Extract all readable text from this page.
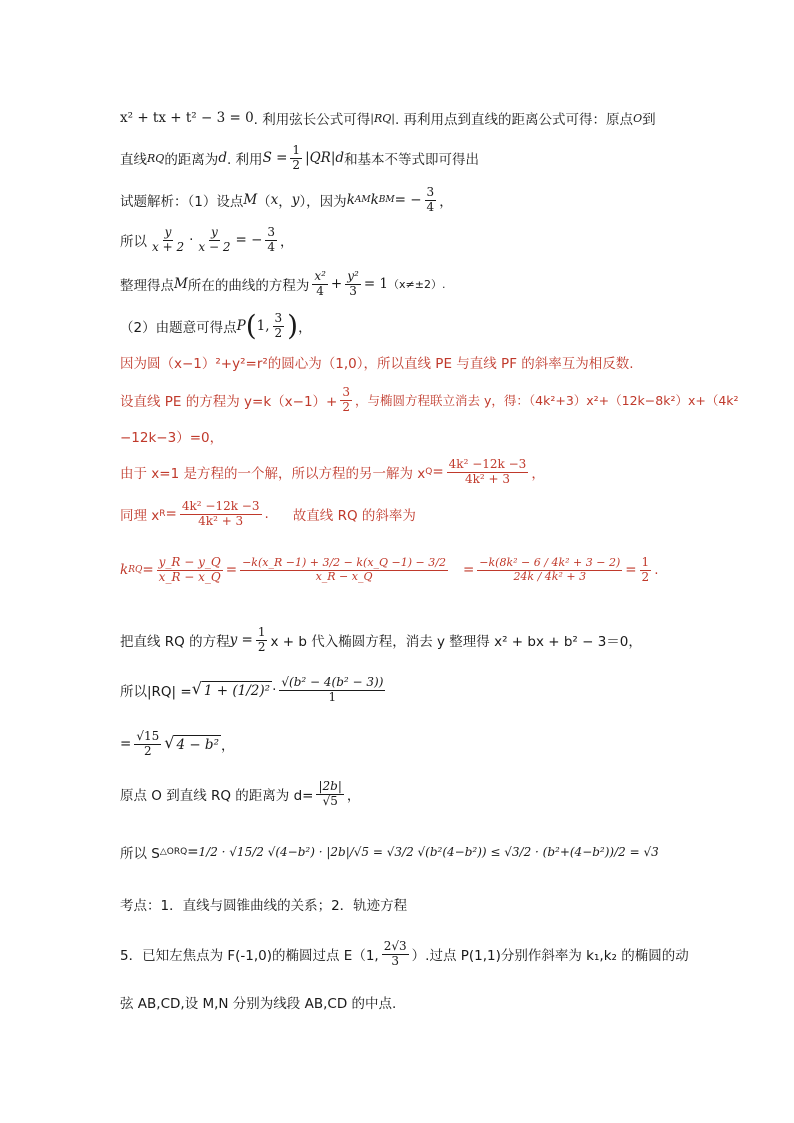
x² + tx + t² − 3 = 0 . 利用弦长公式可得 |RQ| . 再利用点到直线的距离公式可得：原点 O 到
直线 RQ 的距离为 d . 利用 $S = \frac{1}{2} |QR|$ d 和基本不等式即可得出
试题解析：（1）设点 M （ x ， y ），因为 k AM k BM = − $\frac{3}{4}$ ，
所以 $\frac{y}{x + 2} \cdot \frac{y}{x - 2}$ = − $\frac{3}{4}$ ，
整理得点 M 所在的曲线的方程为 $\frac{\text{x²}}{4} + \frac{\text{y²}}{3} = 1$ （x≠±2）.
（2）由题意可得点 P ( 1, $\frac{3}{2}$ ) ，
因为圆（x−1）²+y²=r²的圆心为（1,0），所以直线 PE 与直线 PF 的斜率互为相反数.
设直线 PE 的方程为 $y=k(x-1)+ \frac{3}{2}$ ，与椭圆方程联立消去 y，得：（4k²+3）x²+（12k−8k²）x+（4k²
−12k−3）=0，
由于 x=1 是方程的一个解，所以方程的另一解为 x $Q = \frac{\text{4k² −12k −3}}{\text{4k² + 3}}$ ，
同理 x $R = \frac{\text{4k² −12k −3}}{\text{4k² + 3}}$ . 故直线 RQ 的斜率为
k RQ = $\frac{y\_R - y\_Q}{x\_R - x\_Q} = \frac{-k(x\_R -1) + 3/2 - k(x\_Q -1) - 3/2}{x\_R - x\_Q} = \frac{\text{−k(8k² − 6 / 4k² + 3 − 2)}}{\text{24k / 4k² + 3}} = \frac{1}{2}$ .
把直线 RQ 的方程 $y = \frac{1}{2}$ x + b 代入椭圆方程，消去 y 整理得 x² + bx + b² − 3＝0，
所以|RQ| = √ $1 + (1/2)^2 \cdot \frac{\text{√(b² − 4(b² − 3))}}{1}$
= $\frac{√15}{2}$ √ 4 − b² ，
原点 O 到直线 RQ 的距离为 $d= \frac{|2b|}{√5}$ ，
所以 S △ORQ = 1/2 · √15/2 √(4−b²) · |2b|/√5 = √3/2 √(b²(4−b²)) ≤ √3/2 · (b²+(4−b²))/2 = √3
考点：1．直线与圆锥曲线的关系；2．轨迹方程
5．已知左焦点为 F(-1,0)的椭圆过点 E（1, $\frac{2√3}{3}$ ）.过点 P(1,1)分别作斜率为 k₁,k₂ 的椭圆的动
弦 AB,CD,设 M,N 分别为线段 AB,CD 的中点.
